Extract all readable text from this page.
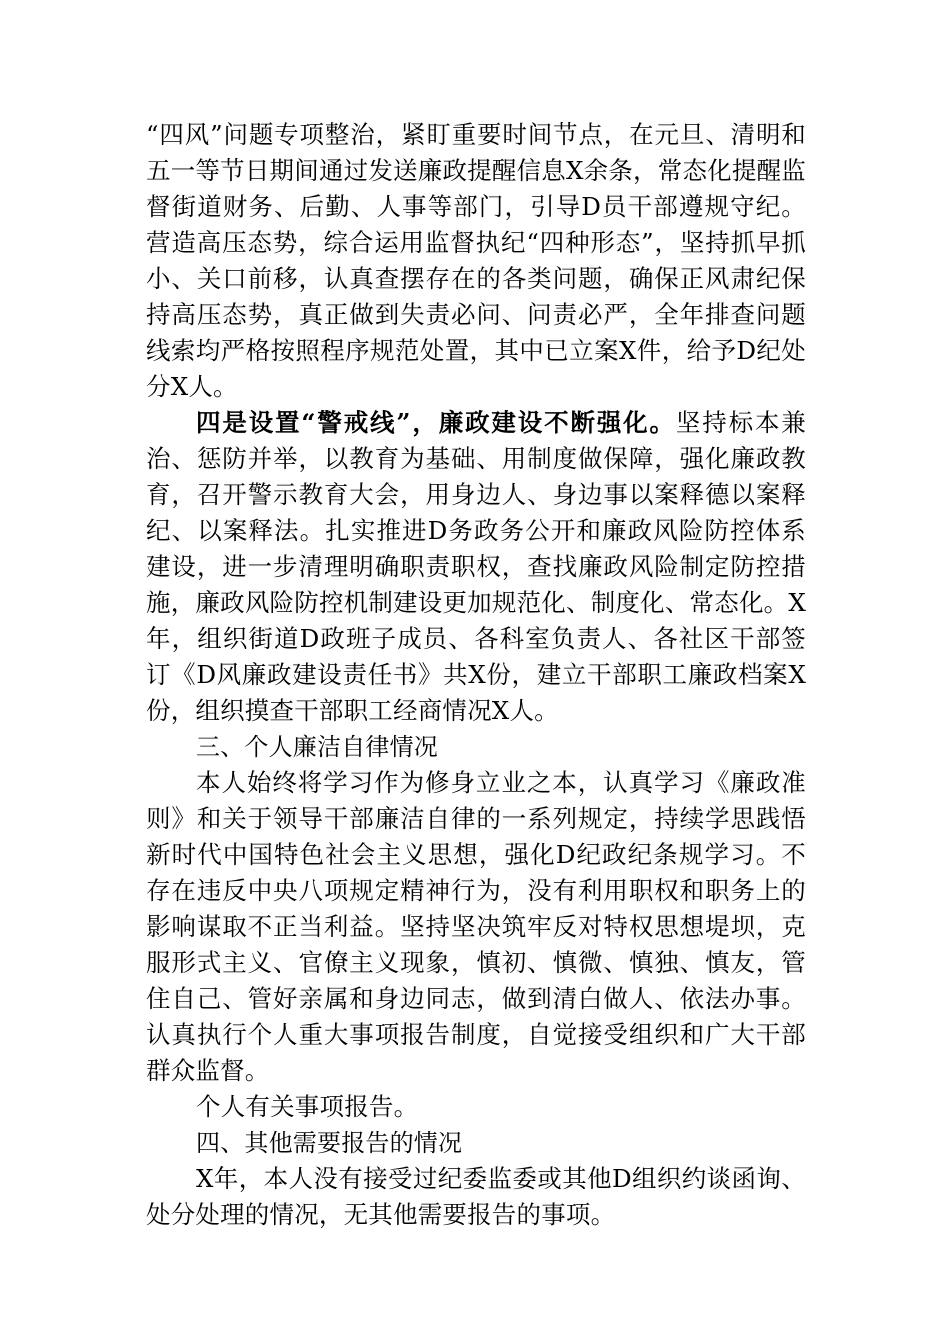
“四风”问题专项整治，紧盯重要时间节点，在元旦、清明和五一等节日期间通过发送廉政提醒信息X余条，常态化提醒监督街道财务、后勤、人事等部门，引导D员干部遵规守纪。营造高压态势，综合运用监督执纪“四种形态”，坚持抓早抓小、关口前移，认真查摆存在的各类问题，确保正风肃纪保持高压态势，真正做到失责必问、问责必严，全年排查问题线索均严格按照程序规范处置，其中已立案X件，给予D纪处分X人。

四是设置“警戒线”，廉政建设不断强化。坚持标本兼治、惩防并举，以教育为基础、用制度做保障，强化廉政教育，召开警示教育大会，用身边人、身边事以案释德以案释纪、以案释法。扎实推进D务政务公开和廉政风险防控体系建设，进一步清理明确职责职权，查找廉政风险制定防控措施，廉政风险防控机制建设更加规范化、制度化、常态化。X年，组织街道D政班子成员、各科室负责人、各社区干部签订《D风廉政建设责任书》共X份，建立干部职工廉政档案X份，组织摸查干部职工经商情况X人。

三、个人廉洁自律情况

本人始终将学习作为修身立业之本，认真学习《廉政准则》和关于领导干部廉洁自律的一系列规定，持续学思践悟新时代中国特色社会主义思想，强化D纪政纪条规学习。不存在违反中央八项规定精神行为，没有利用职权和职务上的影响谋取不正当利益。坚持坚决筑牢反对特权思想堤坝，克服形式主义、官僚主义现象，慎初、慎微、慎独、慎友，管住自己、管好亲属和身边同志，做到清白做人、依法办事。认真执行个人重大事项报告制度，自觉接受组织和广大干部群众监督。

个人有关事项报告。

四、其他需要报告的情况

X年，本人没有接受过纪委监委或其他D组织约谈函询、处分处理的情况，无其他需要报告的事项。
